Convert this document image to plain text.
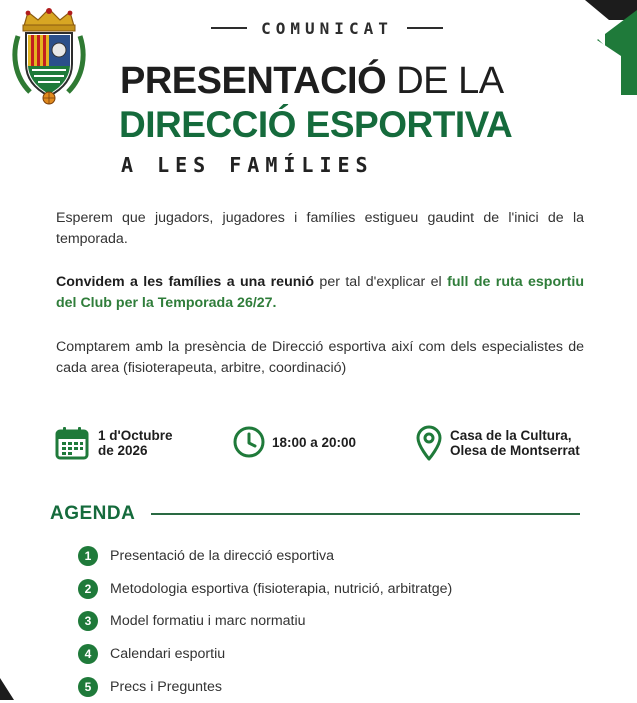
COMUNICAT
PRESENTACIÓ DE LA
DIRECCIÓ ESPORTIVA
A LES FAMÍLIES
Esperem que jugadors, jugadores i famílies estigueu gaudint de l'inici de la temporada.
Convidem a les famílies a una reunió per tal d'explicar el full de ruta esportiu del Club per la Temporada 26/27.
Comptarem amb la presència de Direcció esportiva així com dels especialistes de cada area (fisioterapeuta, arbitre, coordinació)
1 d'Octubre
de 2026
18:00 a 20:00	Casa de la Cultura,
Olesa de Montserrat
AGENDA
1	Presentació de la direcció esportiva
2	Metodologia esportiva (fisioterapia, nutrició, arbitratge)
3	Model formatiu i marc normatiu
4	Calendari esportiu
5	Precs i Preguntes
